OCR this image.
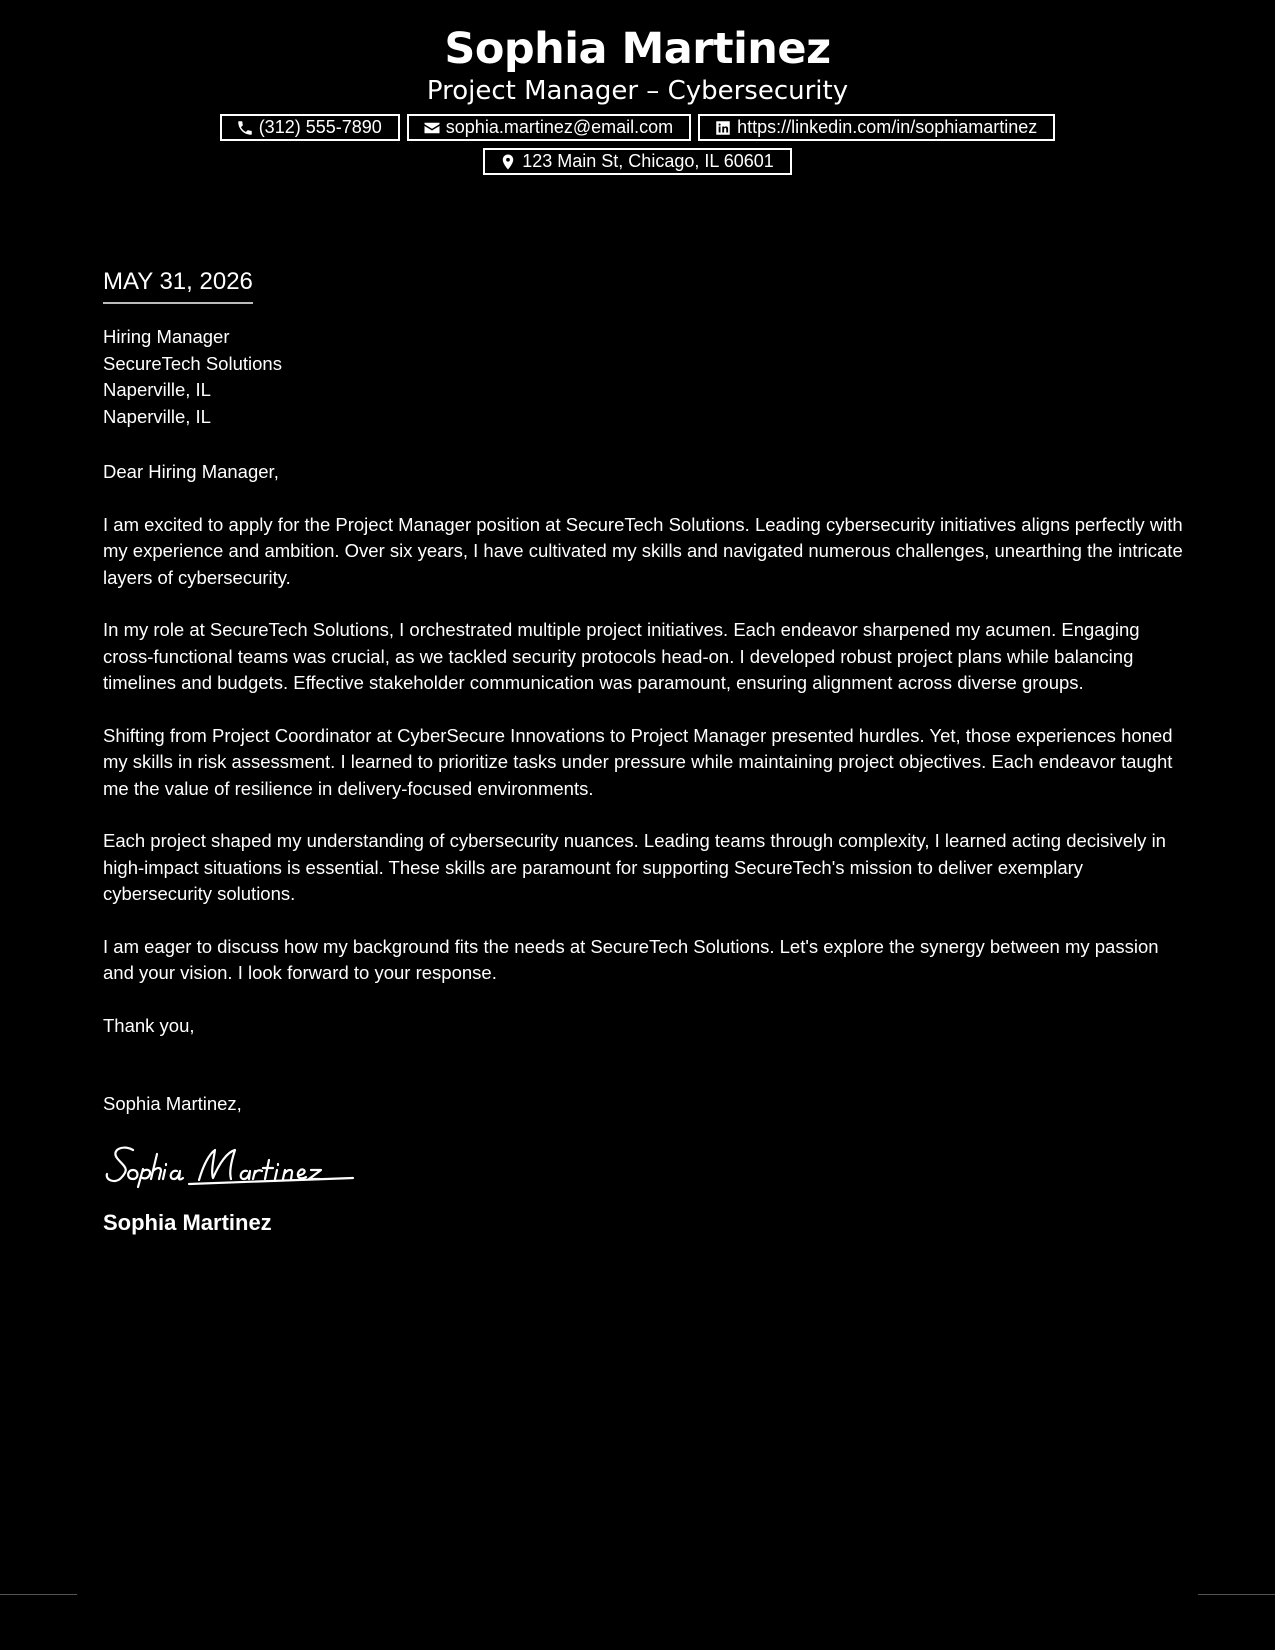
Sophia Martinez
Project Manager – Cybersecurity
(312) 555-7890	sophia.martinez@email.com	https://linkedin.com/in/sophiamartinez
123 Main St, Chicago, IL 60601
MAY 31, 2026
Hiring Manager
SecureTech Solutions
Naperville, IL
Naperville, IL
Dear Hiring Manager,

I am excited to apply for the Project Manager position at SecureTech Solutions. Leading cybersecurity initiatives aligns perfectly with my experience and ambition. Over six years, I have cultivated my skills and navigated numerous challenges, unearthing the intricate layers of cybersecurity.

In my role at SecureTech Solutions, I orchestrated multiple project initiatives. Each endeavor sharpened my acumen. Engaging cross-functional teams was crucial, as we tackled security protocols head-on. I developed robust project plans while balancing timelines and budgets. Effective stakeholder communication was paramount, ensuring alignment across diverse groups.

Shifting from Project Coordinator at CyberSecure Innovations to Project Manager presented hurdles. Yet, those experiences honed my skills in risk assessment. I learned to prioritize tasks under pressure while maintaining project objectives. Each endeavor taught me the value of resilience in delivery-focused environments.

Each project shaped my understanding of cybersecurity nuances. Leading teams through complexity, I learned acting decisively in high-impact situations is essential. These skills are paramount for supporting SecureTech's mission to deliver exemplary cybersecurity solutions.

I am eager to discuss how my background fits the needs at SecureTech Solutions. Let's explore the synergy between my passion and your vision. I look forward to your response.

Thank you,
Sophia Martinez,
Sophia Martinez
